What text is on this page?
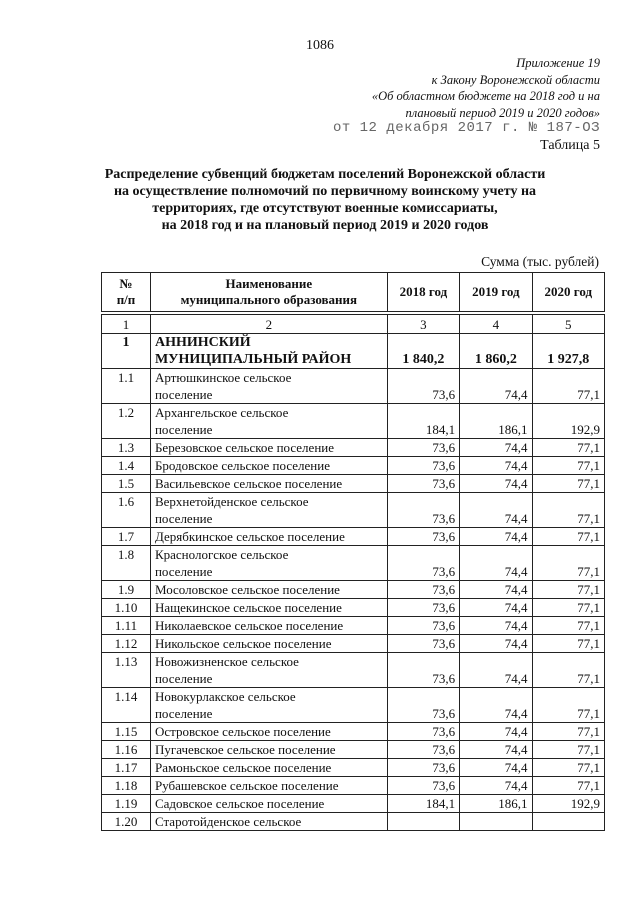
1086
Приложение 19
к Закону Воронежской области
«Об областном бюджете на 2018 год и на
плановый период 2019 и 2020 годов»
от 12 декабря 2017 г. № 187-ОЗ
Таблица 5
Распределение субвенций бюджетам поселений Воронежской области
на осуществление полномочий по первичному воинскому учету на
территориях, где отсутствуют военные комиссариаты,
на 2018 год и на плановый период 2019 и 2020 годов
Сумма (тыс. рублей)
№
п/п

Наименование
муниципального образования
	2018 год	2019 год	2020 год
1	2	3	4	5
1	АННИНСКИЙ
МУНИЦИПАЛЬНЫЙ РАЙОН	1 840,2	1 860,2	1 927,8
1.1	Артюшкинское сельское
поселение	73,6	74,4	77,1
1.2	Архангельское сельское
поселение	184,1	186,1	192,9
1.3	Березовское сельское поселение	73,6	74,4	77,1
1.4	Бродовское сельское поселение	73,6	74,4	77,1
1.5	Васильевское сельское поселение	73,6	74,4	77,1
1.6	Верхнетойденское сельское
поселение	73,6	74,4	77,1
1.7	Дерябкинское сельское поселение	73,6	74,4	77,1
1.8	Краснологское сельское
поселение	73,6	74,4	77,1
1.9	Мосоловское сельское поселение	73,6	74,4	77,1
1.10	Нащекинское сельское поселение	73,6	74,4	77,1
1.11	Николаевское сельское поселение	73,6	74,4	77,1
1.12	Никольское сельское поселение	73,6	74,4	77,1
1.13	Новожизненское сельское
поселение	73,6	74,4	77,1
1.14	Новокурлакское сельское
поселение	73,6	74,4	77,1
1.15	Островское сельское поселение	73,6	74,4	77,1
1.16	Пугачевское сельское поселение	73,6	74,4	77,1
1.17	Рамоньское сельское поселение	73,6	74,4	77,1
1.18	Рубашевское сельское поселение	73,6	74,4	77,1
1.19	Садовское сельское поселение	184,1	186,1	192,9
1.20	Старотойденское сельское			
